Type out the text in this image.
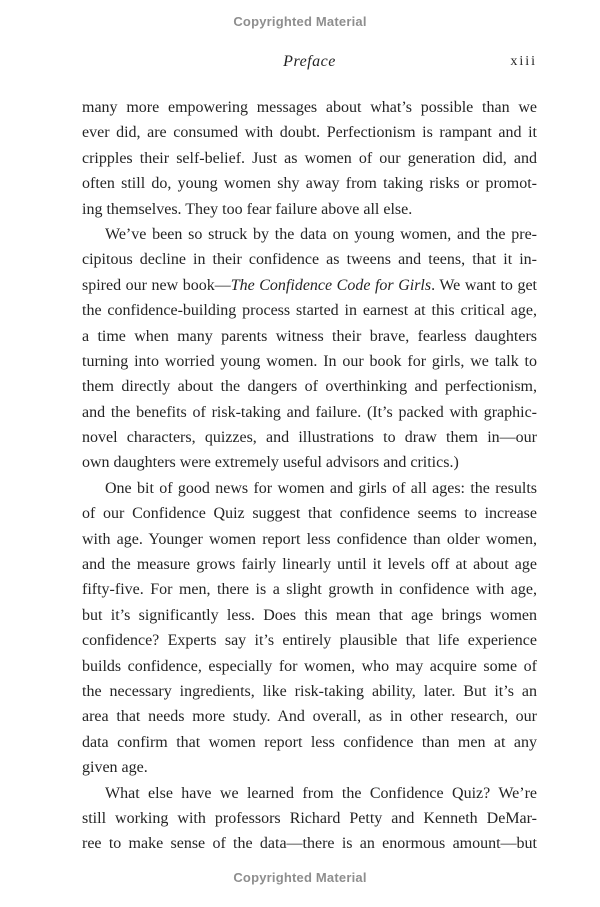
Copyrighted Material
Preface	xiii
many more empowering messages about what’s possible than we
ever did, are consumed with doubt. Perfectionism is rampant and it
cripples their self-belief. Just as women of our generation did, and
often still do, young women shy away from taking risks or promot-
ing themselves. They too fear failure above all else.
We’ve been so struck by the data on young women, and the pre-
cipitous decline in their confidence as tweens and teens, that it in-
spired our new book—The Confidence Code for Girls. We want to get
the confidence-building process started in earnest at this critical age,
a time when many parents witness their brave, fearless daughters
turning into worried young women. In our book for girls, we talk to
them directly about the dangers of overthinking and perfectionism,
and the benefits of risk-taking and failure. (It’s packed with graphic-
novel characters, quizzes, and illustrations to draw them in—our
own daughters were extremely useful advisors and critics.)
One bit of good news for women and girls of all ages: the results
of our Confidence Quiz suggest that confidence seems to increase
with age. Younger women report less confidence than older women,
and the measure grows fairly linearly until it levels off at about age
fifty-five. For men, there is a slight growth in confidence with age,
but it’s significantly less. Does this mean that age brings women
confidence? Experts say it’s entirely plausible that life experience
builds confidence, especially for women, who may acquire some of
the necessary ingredients, like risk-taking ability, later. But it’s an
area that needs more study. And overall, as in other research, our
data confirm that women report less confidence than men at any
given age.
What else have we learned from the Confidence Quiz? We’re
still working with professors Richard Petty and Kenneth DeMar-
ree to make sense of the data—there is an enormous amount—but
Copyrighted Material
